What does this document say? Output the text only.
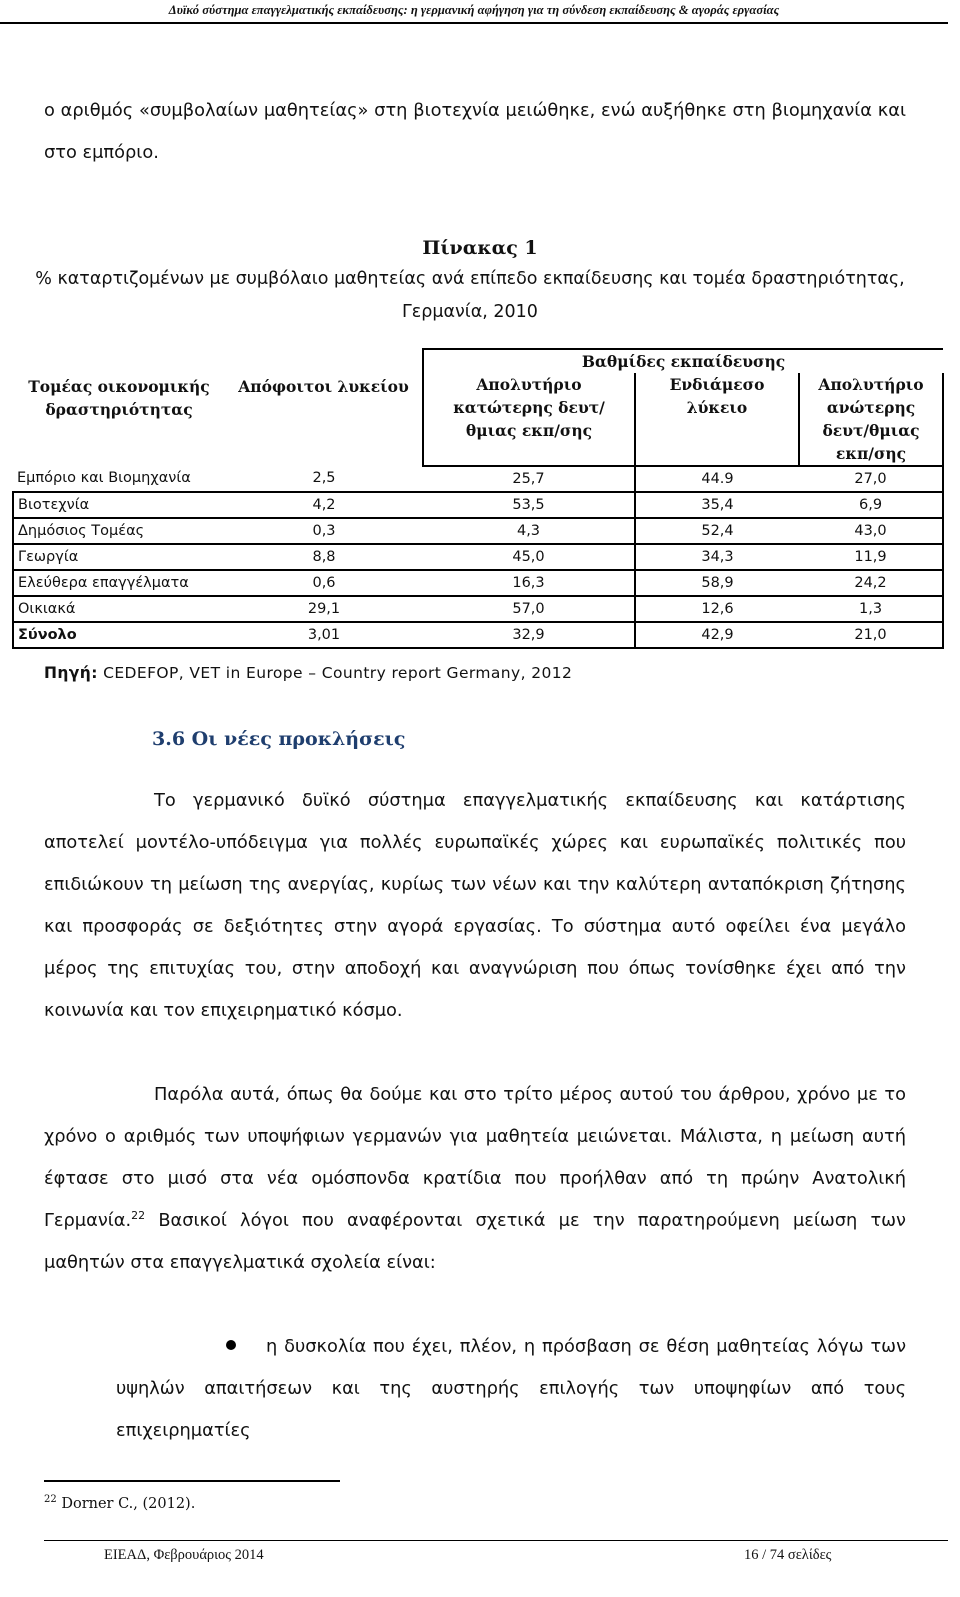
Δυϊκό σύστημα επαγγελματικής εκπαίδευσης: η γερμανική αφήγηση για τη σύνδεση εκπαίδευσης & αγοράς εργασίας
ο αριθμός «συμβολαίων μαθητείας» στη βιοτεχνία μειώθηκε, ενώ αυξήθηκε στη βιομηχανία και στο εμπόριο.
Πίνακας 1
% καταρτιζομένων με συμβόλαιο μαθητείας ανά επίπεδο εκπαίδευσης και τομέα δραστηριότητας, Γερμανία, 2010
Τομέας οικονομικής δραστηριότητας	Απόφοιτοι λυκείου	Βαθμίδες εκπαίδευσης		
		Απολυτήριο κατώτερης δευτ/θμιας εκπ/σης	Ενδιάμεσο λύκειο	Απολυτήριο ανώτερης δευτ/θμιας εκπ/σης
Εμπόριο και Βιομηχανία	2,5	25,7	44.9	27,0
Βιοτεχνία	4,2	53,5	35,4	6,9
Δημόσιος Τομέας	0,3	4,3	52,4	43,0
Γεωργία	8,8	45,0	34,3	11,9
Ελεύθερα επαγγέλματα	0,6	16,3	58,9	24,2
Οικιακά	29,1	57,0	12,6	1,3
Σύνολο	3,01	32,9	42,9	21,0
Πηγή: CEDEFOP, VET in Europe – Country report Germany, 2012
3.6 Οι νέες προκλήσεις
Το γερμανικό δυϊκό σύστημα επαγγελματικής εκπαίδευσης και κατάρτισης αποτελεί μοντέλο-υπόδειγμα για πολλές ευρωπαϊκές χώρες και ευρωπαϊκές πολιτικές που επιδιώκουν τη μείωση της ανεργίας, κυρίως των νέων και την καλύτερη ανταπόκριση ζήτησης και προσφοράς σε δεξιότητες στην αγορά εργασίας. Το σύστημα αυτό οφείλει ένα μεγάλο μέρος της επιτυχίας του, στην αποδοχή και αναγνώριση που όπως τονίσθηκε έχει από την κοινωνία και τον επιχειρηματικό κόσμο.
Παρόλα αυτά, όπως θα δούμε και στο τρίτο μέρος αυτού του άρθρου, χρόνο με το χρόνο ο αριθμός των υποψήφιων γερμανών για μαθητεία μειώνεται. Μάλιστα, η μείωση αυτή έφτασε στο μισό στα νέα ομόσπονδα κρατίδια που προήλθαν από τη πρώην Ανατολική Γερμανία.$^{22}$ Βασικοί λόγοι που αναφέρονται σχετικά με την παρατηρούμενη μείωση των μαθητών στα επαγγελματικά σχολεία είναι:
η δυσκολία που έχει, πλέον, η πρόσβαση σε θέση μαθητείας λόγω των υψηλών απαιτήσεων και της αυστηρής επιλογής των υποψηφίων από τους επιχειρηματίες
$^{22}$ Dorner C., (2012).
ΕΙΕΑΔ, Φεβρουάριος 2014	16 / 74 σελίδες
